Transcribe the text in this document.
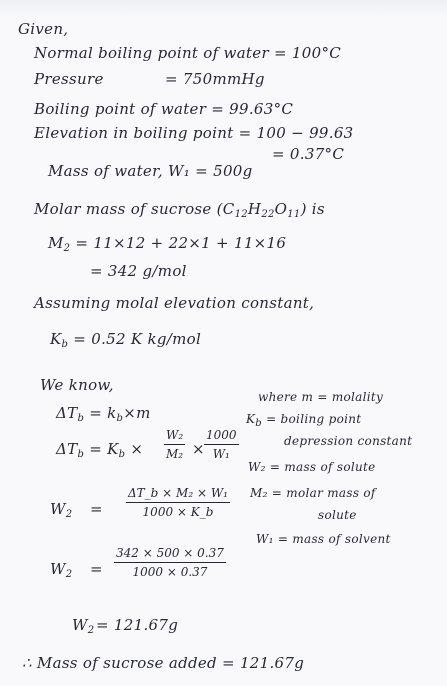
Given,
Normal boiling point of water = 100°C
Pressure	= 750mmHg
Boiling point of water = 99.63°C
Elevation in boiling point = 100 − 99.63
= 0.37°C
Mass of water, W₁ = 500g
Molar mass of sucrose $(C_{12}H_{22}O_{11})$ is
$M_2 = 11\times 12 + 22\times 1 + 11\times 16$
= 342 g/mol
Assuming molal elevation constant,
$K_b = 0.52$ K kg/mol
We know,
$\Delta T_b = k_b\times m$
$\Delta T_b = K_b \times \frac{\text{W₂}}{\text{M₂}} \times \frac{1000}{\text{W₁}}$
where m = molality
$K_b$ = boiling point
depression constant
W₂ = mass of solute
M₂ = molar mass of
solute
W₁ = mass of solvent
$W_2 = \frac{\text{ΔT\_b × M₂ × W₁}}{1000 \times K\_b}$
$W_2 = \frac{342 \times 500 \times 0.37}{1000 \times 0.37}$
$W_2 = 121.67g$
∴ Mass of sucrose added = 121.67g
